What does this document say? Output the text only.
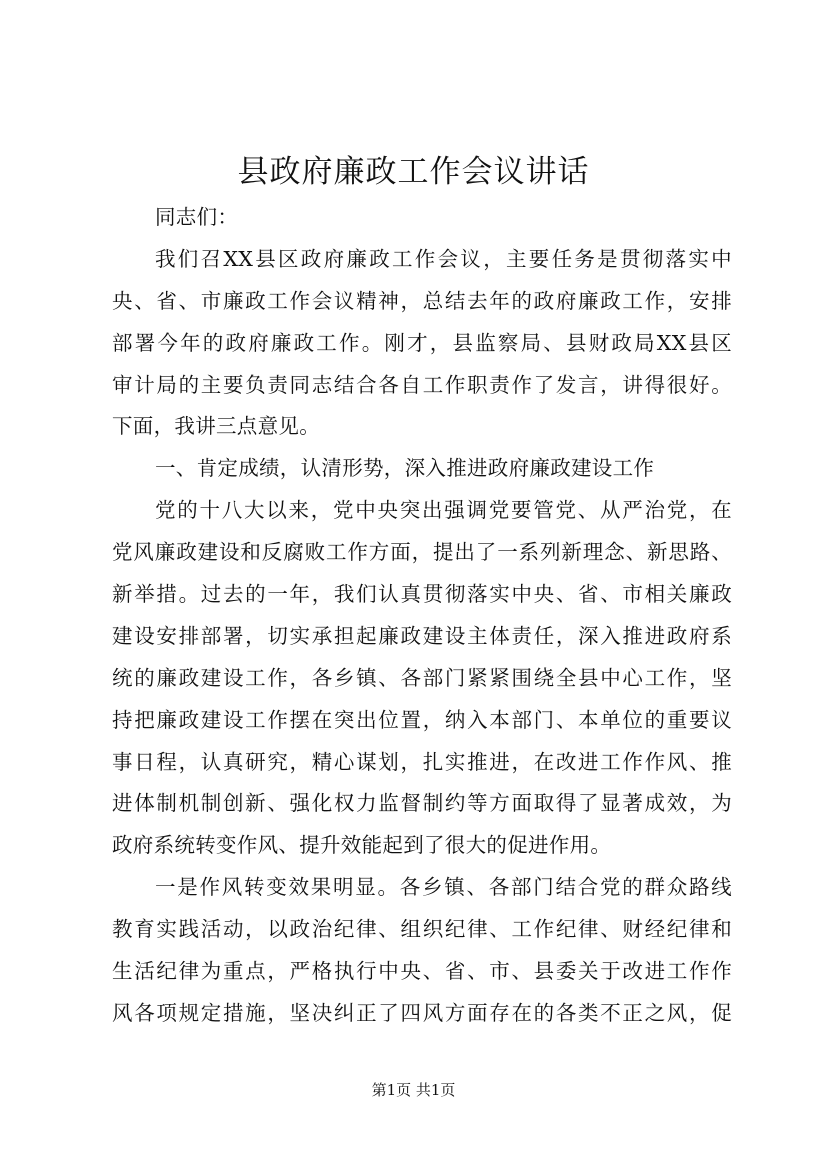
县政府廉政工作会议讲话
同志们：
我们召XX县区政府廉政工作会议，主要任务是贯彻落实中
央、省、市廉政工作会议精神，总结去年的政府廉政工作，安排
部署今年的政府廉政工作。刚才，县监察局、县财政局XX县区
审计局的主要负责同志结合各自工作职责作了发言，讲得很好。
下面，我讲三点意见。
一、肯定成绩，认清形势，深入推进政府廉政建设工作
党的十八大以来，党中央突出强调党要管党、从严治党，在
党风廉政建设和反腐败工作方面，提出了一系列新理念、新思路、
新举措。过去的一年，我们认真贯彻落实中央、省、市相关廉政
建设安排部署，切实承担起廉政建设主体责任，深入推进政府系
统的廉政建设工作，各乡镇、各部门紧紧围绕全县中心工作，坚
持把廉政建设工作摆在突出位置，纳入本部门、本单位的重要议
事日程，认真研究，精心谋划，扎实推进，在改进工作作风、推
进体制机制创新、强化权力监督制约等方面取得了显著成效，为
政府系统转变作风、提升效能起到了很大的促进作用。
一是作风转变效果明显。各乡镇、各部门结合党的群众路线
教育实践活动，以政治纪律、组织纪律、工作纪律、财经纪律和
生活纪律为重点，严格执行中央、省、市、县委关于改进工作作
风各项规定措施，坚决纠正了四风方面存在的各类不正之风，促
第1页 共1页
